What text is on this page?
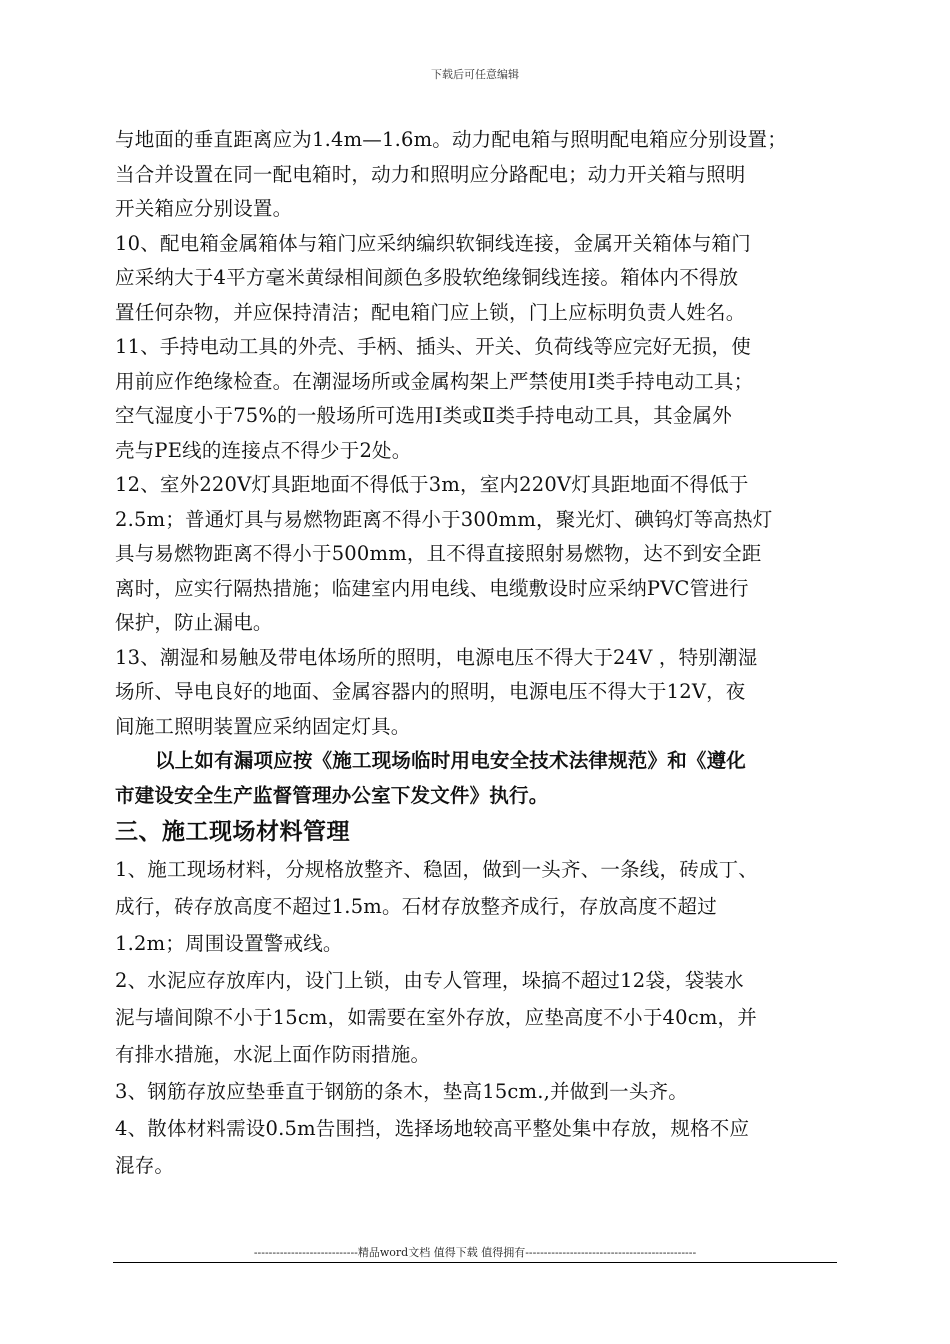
下载后可任意编辑

与地面的垂直距离应为1.4m—1.6m。动力配电箱与照明配电箱应分别设置；
当合并设置在同一配电箱时，动力和照明应分路配电；动力开关箱与照明
开关箱应分别设置。

10、配电箱金属箱体与箱门应采纳编织软铜线连接，金属开关箱体与箱门
应采纳大于4平方毫米黄绿相间颜色多股软绝缘铜线连接。箱体内不得放
置任何杂物，并应保持清洁；配电箱门应上锁，门上应标明负责人姓名。

11、手持电动工具的外壳、手柄、插头、开关、负荷线等应完好无损，使
用前应作绝缘检查。在潮湿场所或金属构架上严禁使用Ⅰ类手持电动工具；
空气湿度小于75%的一般场所可选用Ⅰ类或Ⅱ类手持电动工具，其金属外
壳与PE线的连接点不得少于2处。

12、室外220V灯具距地面不得低于3m，室内220V灯具距地面不得低于
2.5m；普通灯具与易燃物距离不得小于300mm，聚光灯、碘钨灯等高热灯
具与易燃物距离不得小于500mm，且不得直接照射易燃物，达不到安全距
离时，应实行隔热措施；临建室内用电线、电缆敷设时应采纳PVC管进行
保护，防止漏电。

13、潮湿和易触及带电体场所的照明，电源电压不得大于24V ，特别潮湿
场所、导电良好的地面、金属容器内的照明，电源电压不得大于12V，夜
间施工照明装置应采纳固定灯具。

以上如有漏项应按《施工现场临时用电安全技术法律规范》和《遵化
市建设安全生产监督管理办公室下发文件》执行。

三、施工现场材料管理

1、施工现场材料，分规格放整齐、稳固，做到一头齐、一条线，砖成丁、
成行，砖存放高度不超过1.5m。石材存放整齐成行，存放高度不超过
1.2m；周围设置警戒线。

2、水泥应存放库内，设门上锁，由专人管理，垛搞不超过12袋，袋装水
泥与墙间隙不小于15cm，如需要在室外存放，应垫高度不小于40cm，并
有排水措施，水泥上面作防雨措施。

3、钢筋存放应垫垂直于钢筋的条木，垫高15cm.,并做到一头齐。

4、散体材料需设0.5m告围挡，选择场地较高平整处集中存放，规格不应
混存。

----------------------------精品word文档 值得下载 值得拥有----------------------------------------------
